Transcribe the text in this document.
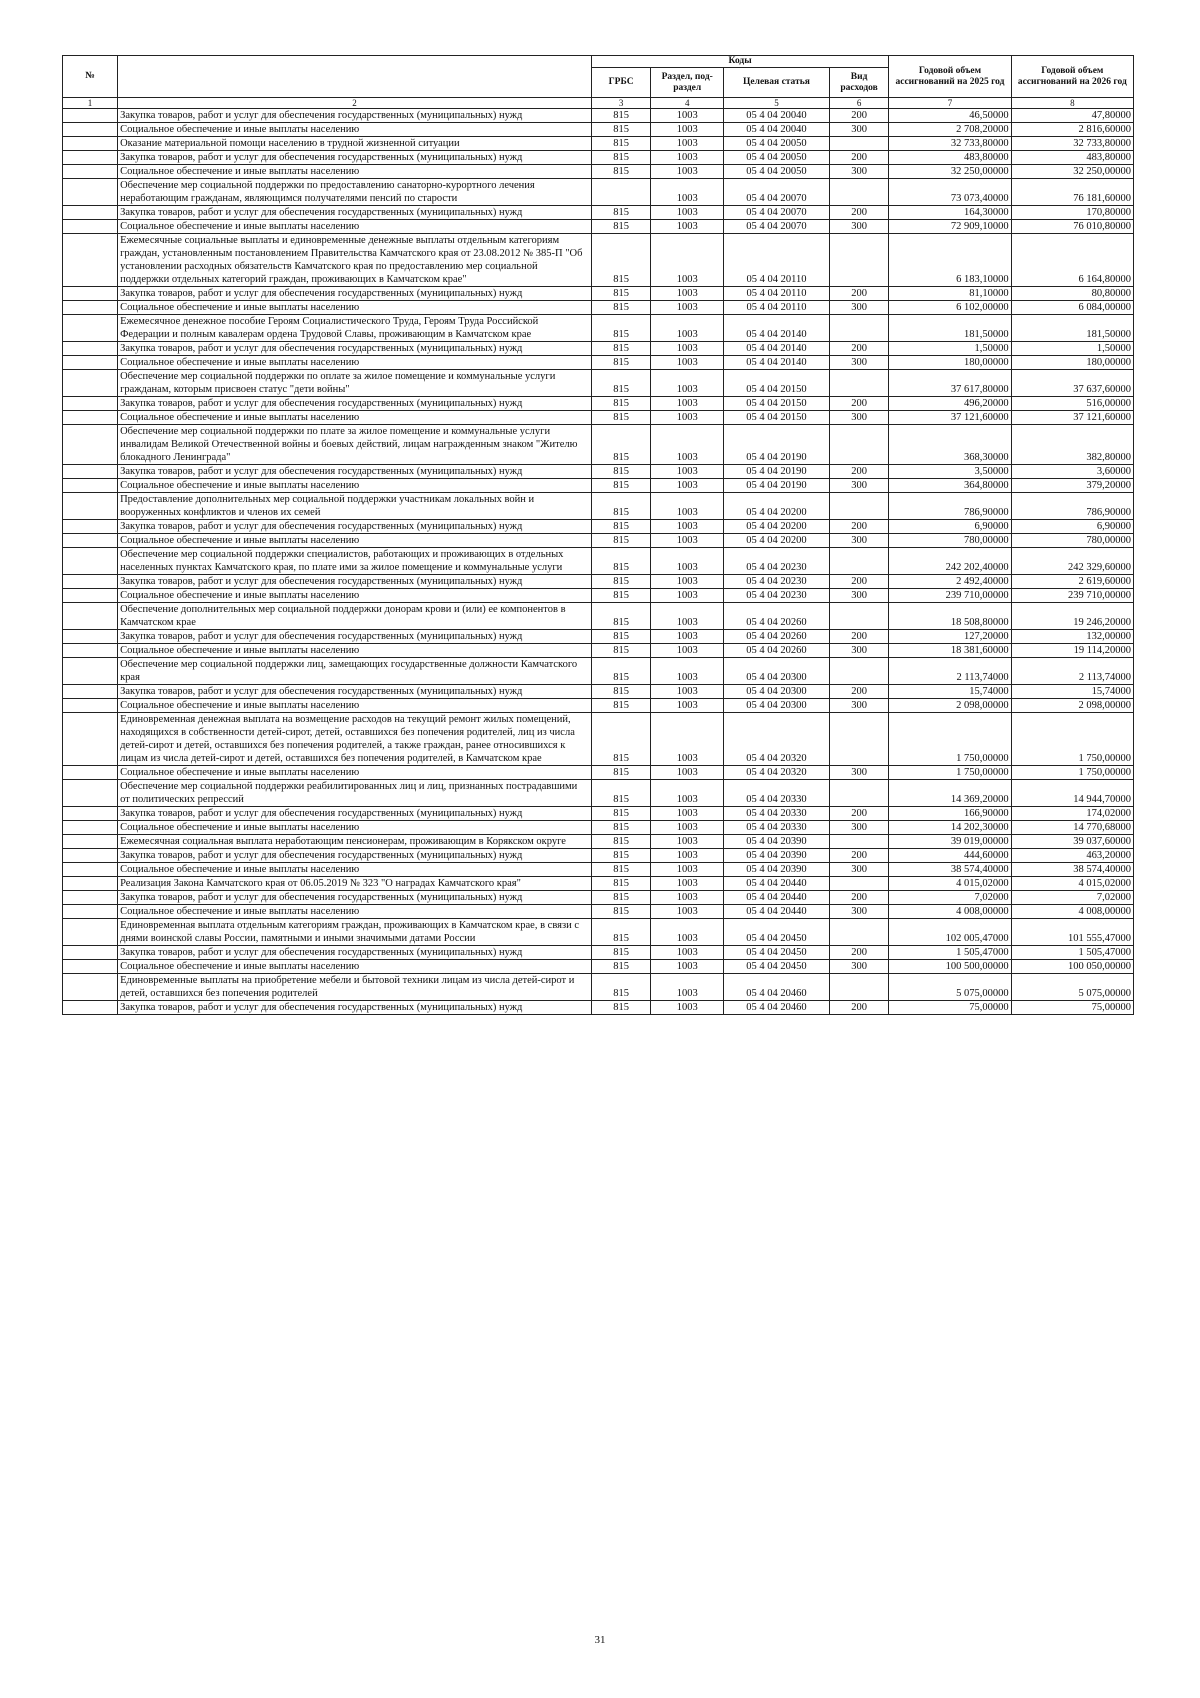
№		Коды				Годовой объем ассигнований на 2025 год	Годовой объем ассигнований на 2026 год
		ГРБС	Раздел, под-раздел	Целевая статья	Вид расходов		
1	2	3	4	5	6	7	8
	Закупка товаров, работ и услуг для обеспечения государственных (муниципальных) нужд	815	1003	05 4 04 20040	200	46,50000	47,80000
	Социальное обеспечение и иные выплаты населению	815	1003	05 4 04 20040	300	2 708,20000	2 816,60000
	Оказание материальной помощи населению в трудной жизненной ситуации	815	1003	05 4 04 20050		32 733,80000	32 733,80000
	Закупка товаров, работ и услуг для обеспечения государственных (муниципальных) нужд	815	1003	05 4 04 20050	200	483,80000	483,80000
	Социальное обеспечение и иные выплаты населению	815	1003	05 4 04 20050	300	32 250,00000	32 250,00000
	Обеспечение мер социальной поддержки по предоставлению санаторно-курортного лечения неработающим гражданам, являющимся получателями пенсий по старости		1003	05 4 04 20070		73 073,40000	76 181,60000
	Закупка товаров, работ и услуг для обеспечения государственных (муниципальных) нужд	815	1003	05 4 04 20070	200	164,30000	170,80000
	Социальное обеспечение и иные выплаты населению	815	1003	05 4 04 20070	300	72 909,10000	76 010,80000
	Ежемесячные социальные выплаты и единовременные денежные выплаты отдельным категориям граждан, установленным постановлением Правительства Камчатского края от 23.08.2012 № 385-П "Об установлении расходных обязательств Камчатского края по предоставлению мер социальной поддержки отдельных категорий граждан, проживающих в Камчатском крае"	815	1003	05 4 04 20110		6 183,10000	6 164,80000
	Закупка товаров, работ и услуг для обеспечения государственных (муниципальных) нужд	815	1003	05 4 04 20110	200	81,10000	80,80000
	Социальное обеспечение и иные выплаты населению	815	1003	05 4 04 20110	300	6 102,00000	6 084,00000
	Ежемесячное денежное пособие Героям Социалистического Труда, Героям Труда Российской Федерации и полным кавалерам ордена Трудовой Славы, проживающим в Камчатском крае	815	1003	05 4 04 20140		181,50000	181,50000
	Закупка товаров, работ и услуг для обеспечения государственных (муниципальных) нужд	815	1003	05 4 04 20140	200	1,50000	1,50000
	Социальное обеспечение и иные выплаты населению	815	1003	05 4 04 20140	300	180,00000	180,00000
	Обеспечение мер социальной поддержки по оплате за жилое помещение и коммунальные услуги гражданам, которым присвоен статус "дети войны"	815	1003	05 4 04 20150		37 617,80000	37 637,60000
	Закупка товаров, работ и услуг для обеспечения государственных (муниципальных) нужд	815	1003	05 4 04 20150	200	496,20000	516,00000
	Социальное обеспечение и иные выплаты населению	815	1003	05 4 04 20150	300	37 121,60000	37 121,60000
	Обеспечение мер социальной поддержки по плате за жилое помещение и коммунальные услуги инвалидам Великой Отечественной войны и боевых действий, лицам награжденным знаком "Жителю блокадного Ленинграда"	815	1003	05 4 04 20190		368,30000	382,80000
	Закупка товаров, работ и услуг для обеспечения государственных (муниципальных) нужд	815	1003	05 4 04 20190	200	3,50000	3,60000
	Социальное обеспечение и иные выплаты населению	815	1003	05 4 04 20190	300	364,80000	379,20000
	Предоставление дополнительных мер социальной поддержки участникам локальных войн и вооруженных конфликтов и членов их семей	815	1003	05 4 04 20200		786,90000	786,90000
	Закупка товаров, работ и услуг для обеспечения государственных (муниципальных) нужд	815	1003	05 4 04 20200	200	6,90000	6,90000
	Социальное обеспечение и иные выплаты населению	815	1003	05 4 04 20200	300	780,00000	780,00000
	Обеспечение мер социальной поддержки специалистов, работающих и проживающих в отдельных населенных пунктах Камчатского края, по плате ими за жилое помещение и коммунальные услуги	815	1003	05 4 04 20230		242 202,40000	242 329,60000
	Закупка товаров, работ и услуг для обеспечения государственных (муниципальных) нужд	815	1003	05 4 04 20230	200	2 492,40000	2 619,60000
	Социальное обеспечение и иные выплаты населению	815	1003	05 4 04 20230	300	239 710,00000	239 710,00000
	Обеспечение дополнительных мер социальной поддержки донорам крови и (или) ее компонентов в Камчатском крае	815	1003	05 4 04 20260		18 508,80000	19 246,20000
	Закупка товаров, работ и услуг для обеспечения государственных (муниципальных) нужд	815	1003	05 4 04 20260	200	127,20000	132,00000
	Социальное обеспечение и иные выплаты населению	815	1003	05 4 04 20260	300	18 381,60000	19 114,20000
	Обеспечение мер социальной поддержки лиц, замещающих государственные должности Камчатского края	815	1003	05 4 04 20300		2 113,74000	2 113,74000
	Закупка товаров, работ и услуг для обеспечения государственных (муниципальных) нужд	815	1003	05 4 04 20300	200	15,74000	15,74000
	Социальное обеспечение и иные выплаты населению	815	1003	05 4 04 20300	300	2 098,00000	2 098,00000
	Единовременная денежная выплата на возмещение расходов на текущий ремонт жилых помещений, находящихся в собственности детей-сирот, детей, оставшихся без попечения родителей, лиц из числа детей-сирот и детей, оставшихся без попечения родителей, а также граждан, ранее относившихся к лицам из числа детей-сирот и детей, оставшихся без попечения родителей, в Камчатском крае	815	1003	05 4 04 20320		1 750,00000	1 750,00000
	Социальное обеспечение и иные выплаты населению	815	1003	05 4 04 20320	300	1 750,00000	1 750,00000
	Обеспечение мер социальной поддержки реабилитированных лиц и лиц, признанных пострадавшими от политических репрессий	815	1003	05 4 04 20330		14 369,20000	14 944,70000
	Закупка товаров, работ и услуг для обеспечения государственных (муниципальных) нужд	815	1003	05 4 04 20330	200	166,90000	174,02000
	Социальное обеспечение и иные выплаты населению	815	1003	05 4 04 20330	300	14 202,30000	14 770,68000
	Ежемесячная социальная выплата неработающим пенсионерам, проживающим в Корякском округе	815	1003	05 4 04 20390		39 019,00000	39 037,60000
	Закупка товаров, работ и услуг для обеспечения государственных (муниципальных) нужд	815	1003	05 4 04 20390	200	444,60000	463,20000
	Социальное обеспечение и иные выплаты населению	815	1003	05 4 04 20390	300	38 574,40000	38 574,40000
	Реализация Закона Камчатского края от 06.05.2019 № 323 "О наградах Камчатского края"	815	1003	05 4 04 20440		4 015,02000	4 015,02000
	Закупка товаров, работ и услуг для обеспечения государственных (муниципальных) нужд	815	1003	05 4 04 20440	200	7,02000	7,02000
	Социальное обеспечение и иные выплаты населению	815	1003	05 4 04 20440	300	4 008,00000	4 008,00000
	Единовременная выплата отдельным категориям граждан, проживающих в Камчатском крае, в связи с днями воинской славы России, памятными и иными значимыми датами России	815	1003	05 4 04 20450		102 005,47000	101 555,47000
	Закупка товаров, работ и услуг для обеспечения государственных (муниципальных) нужд	815	1003	05 4 04 20450	200	1 505,47000	1 505,47000
	Социальное обеспечение и иные выплаты населению	815	1003	05 4 04 20450	300	100 500,00000	100 050,00000
	Единовременные выплаты на приобретение мебели и бытовой техники лицам из числа детей-сирот и детей, оставшихся без попечения родителей	815	1003	05 4 04 20460		5 075,00000	5 075,00000
	Закупка товаров, работ и услуг для обеспечения государственных (муниципальных) нужд	815	1003	05 4 04 20460	200	75,00000	75,00000
31
